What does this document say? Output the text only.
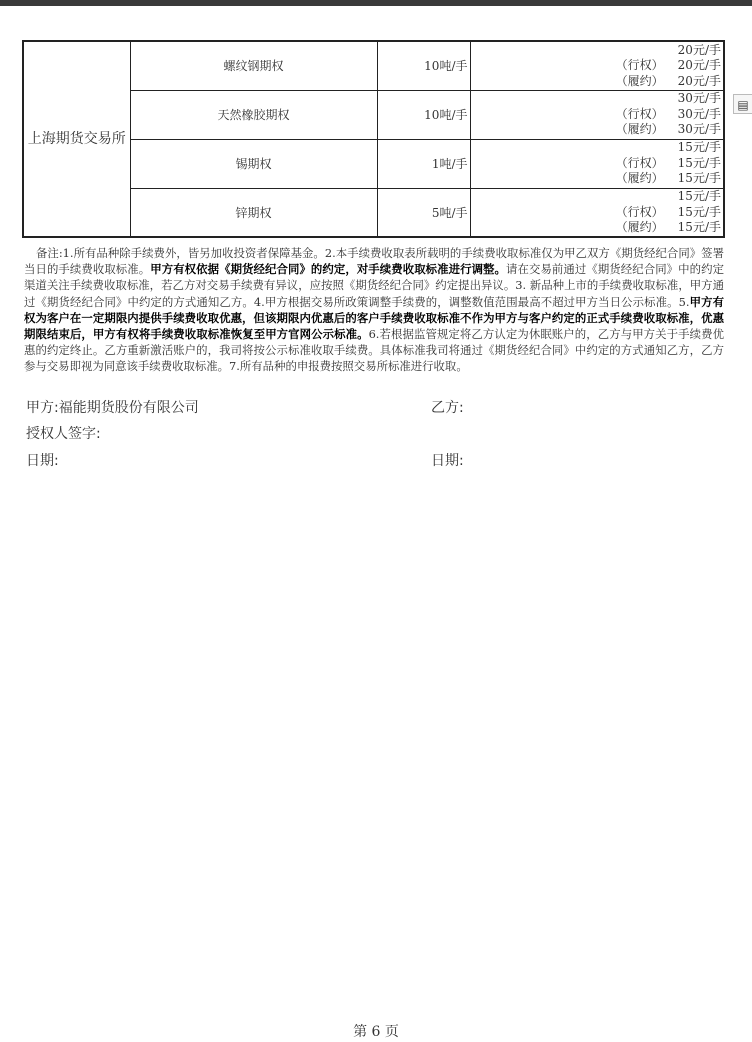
▤
上海期货交易所	螺纹钢期权	10吨/手	20元/手
（行权） 20元/手
（履约） 20元/手

	天然橡胶期权	10吨/手	30元/手
（行权） 30元/手
（履约） 30元/手

	锡期权	1吨/手	15元/手
（行权） 15元/手
（履约） 15元/手

	锌期权	5吨/手	15元/手
（行权） 15元/手
（履约） 15元/手

备注:1.所有品种除手续费外，皆另加收投资者保障基金。2.本手续费收取表所载明的手续费收取标准仅为甲乙双方《期货经纪合同》签署当日的手续费收取标准。甲方有权依据《期货经纪合同》的约定，对手续费收取标准进行调整。请在交易前通过《期货经纪合同》中的约定渠道关注手续费收取标准，若乙方对交易手续费有异议，应按照《期货经纪合同》约定提出异议。3. 新品种上市的手续费收取标准，甲方通过《期货经纪合同》中约定的方式通知乙方。4.甲方根据交易所政策调整手续费的，调整数值范围最高不超过甲方当日公示标准。5.甲方有权为客户在一定期限内提供手续费收取优惠，但该期限内优惠后的客户手续费收取标准不作为甲方与客户约定的正式手续费收取标准，优惠期限结束后，甲方有权将手续费收取标准恢复至甲方官网公示标准。6.若根据监管规定将乙方认定为休眠账户的，乙方与甲方关于手续费优惠的约定终止。乙方重新激活账户的，我司将按公示标准收取手续费。具体标准我司将通过《期货经纪合同》中约定的方式通知乙方，乙方参与交易即视为同意该手续费收取标准。7.所有品种的申报费按照交易所标准进行收取。

甲方:福能期货股份有限公司	乙方:
授权人签字:
日期:	日期:
第 6 页
